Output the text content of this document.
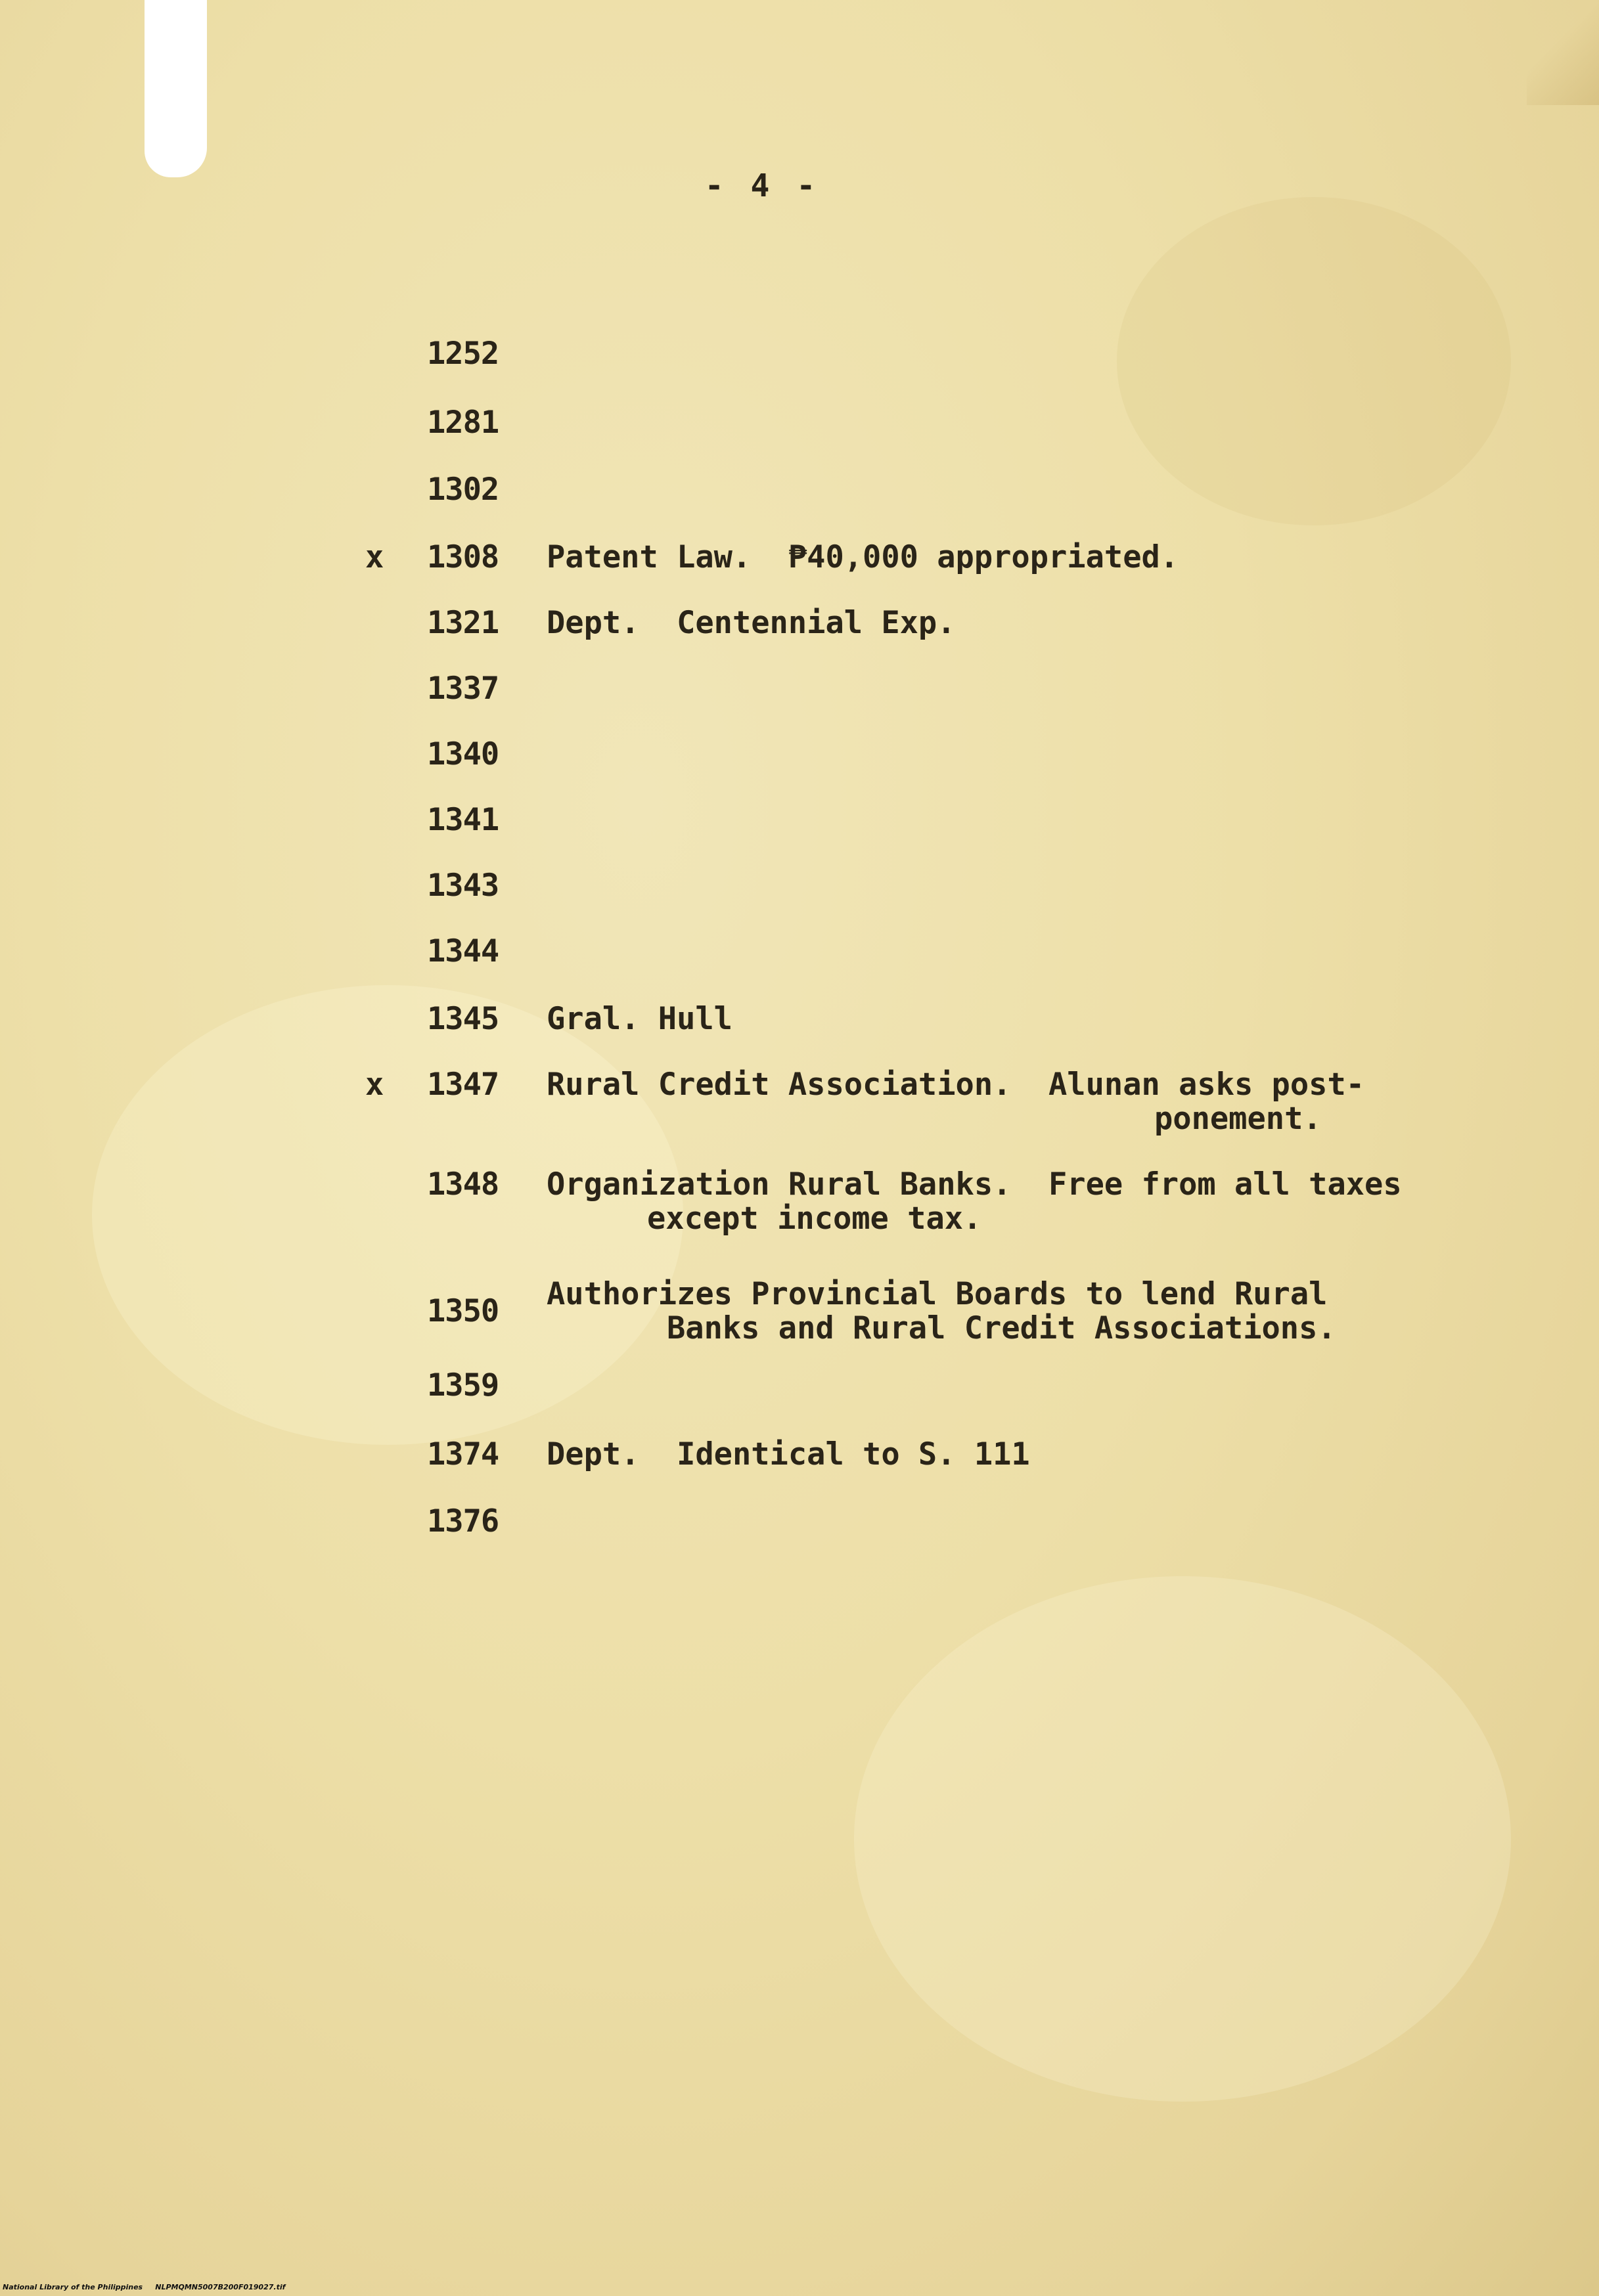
- 4 -
1252
1281
1302
x 1308	Patent Law.  ₱40,000 appropriated.
1321	Dept.  Centennial Exp.
1337
1340
1341
1343
1344
1345	Gral. Hull
x 1347	Rural Credit Association.  Alunan asks post-
ponement.
1348	Organization Rural Banks.  Free from all taxes
except income tax.
1350	Authorizes Provincial Boards to lend Rural
Banks and Rural Credit Associations.
1359
1374	Dept.  Identical to S. 111
1376
National Library of the Philippines NLPMQMN5007B200F019027.tif
